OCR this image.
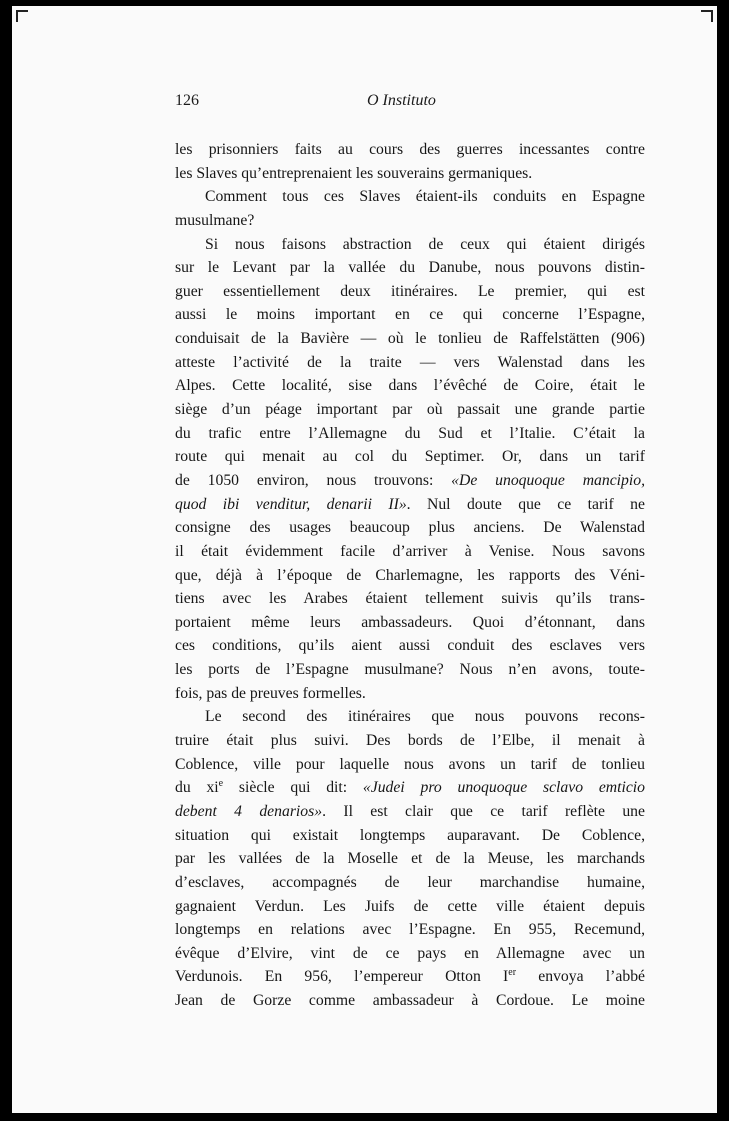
126	O Instituto
les prisonniers faits au cours des guerres incessantes contre
les Slaves qu’entreprenaient les souverains germaniques.
Comment tous ces Slaves étaient-ils conduits en Espagne
musulmane?
Si nous faisons abstraction de ceux qui étaient dirigés
sur le Levant par la vallée du Danube, nous pouvons distin-
guer essentiellement deux itinéraires. Le premier, qui est
aussi le moins important en ce qui concerne l’Espagne,
conduisait de la Bavière — où le tonlieu de Raffelstätten (906)
atteste l’activité de la traite — vers Walenstad dans les
Alpes. Cette localité, sise dans l’évêché de Coire, était le
siège d’un péage important par où passait une grande partie
du trafic entre l’Allemagne du Sud et l’Italie. C’était la
route qui menait au col du Septimer. Or, dans un tarif
de 1050 environ, nous trouvons: «De unoquoque mancipio,
quod ibi venditur, denarii II». Nul doute que ce tarif ne
consigne des usages beaucoup plus anciens. De Walenstad
il était évidemment facile d’arriver à Venise. Nous savons
que, déjà à l’époque de Charlemagne, les rapports des Véni-
tiens avec les Arabes étaient tellement suivis qu’ils trans-
portaient même leurs ambassadeurs. Quoi d’étonnant, dans
ces conditions, qu’ils aient aussi conduit des esclaves vers
les ports de l’Espagne musulmane? Nous n’en avons, toute-
fois, pas de preuves formelles.
Le second des itinéraires que nous pouvons recons-
truire était plus suivi. Des bords de l’Elbe, il menait à
Coblence, ville pour laquelle nous avons un tarif de tonlieu
du $xi^e$ siècle qui dit: «Judei pro unoquoque sclavo emticio
debent 4 denarios». Il est clair que ce tarif reflète une
situation qui existait longtemps auparavant. De Coblence,
par les vallées de la Moselle et de la Meuse, les marchands
d’esclaves, accompagnés de leur marchandise humaine,
gagnaient Verdun. Les Juifs de cette ville étaient depuis
longtemps en relations avec l’Espagne. En 955, Recemund,
évêque d’Elvire, vint de ce pays en Allemagne avec un
Verdunois. En 956, l’empereur Otton Ier envoya l’abbé
Jean de Gorze comme ambassadeur à Cordoue. Le moine
